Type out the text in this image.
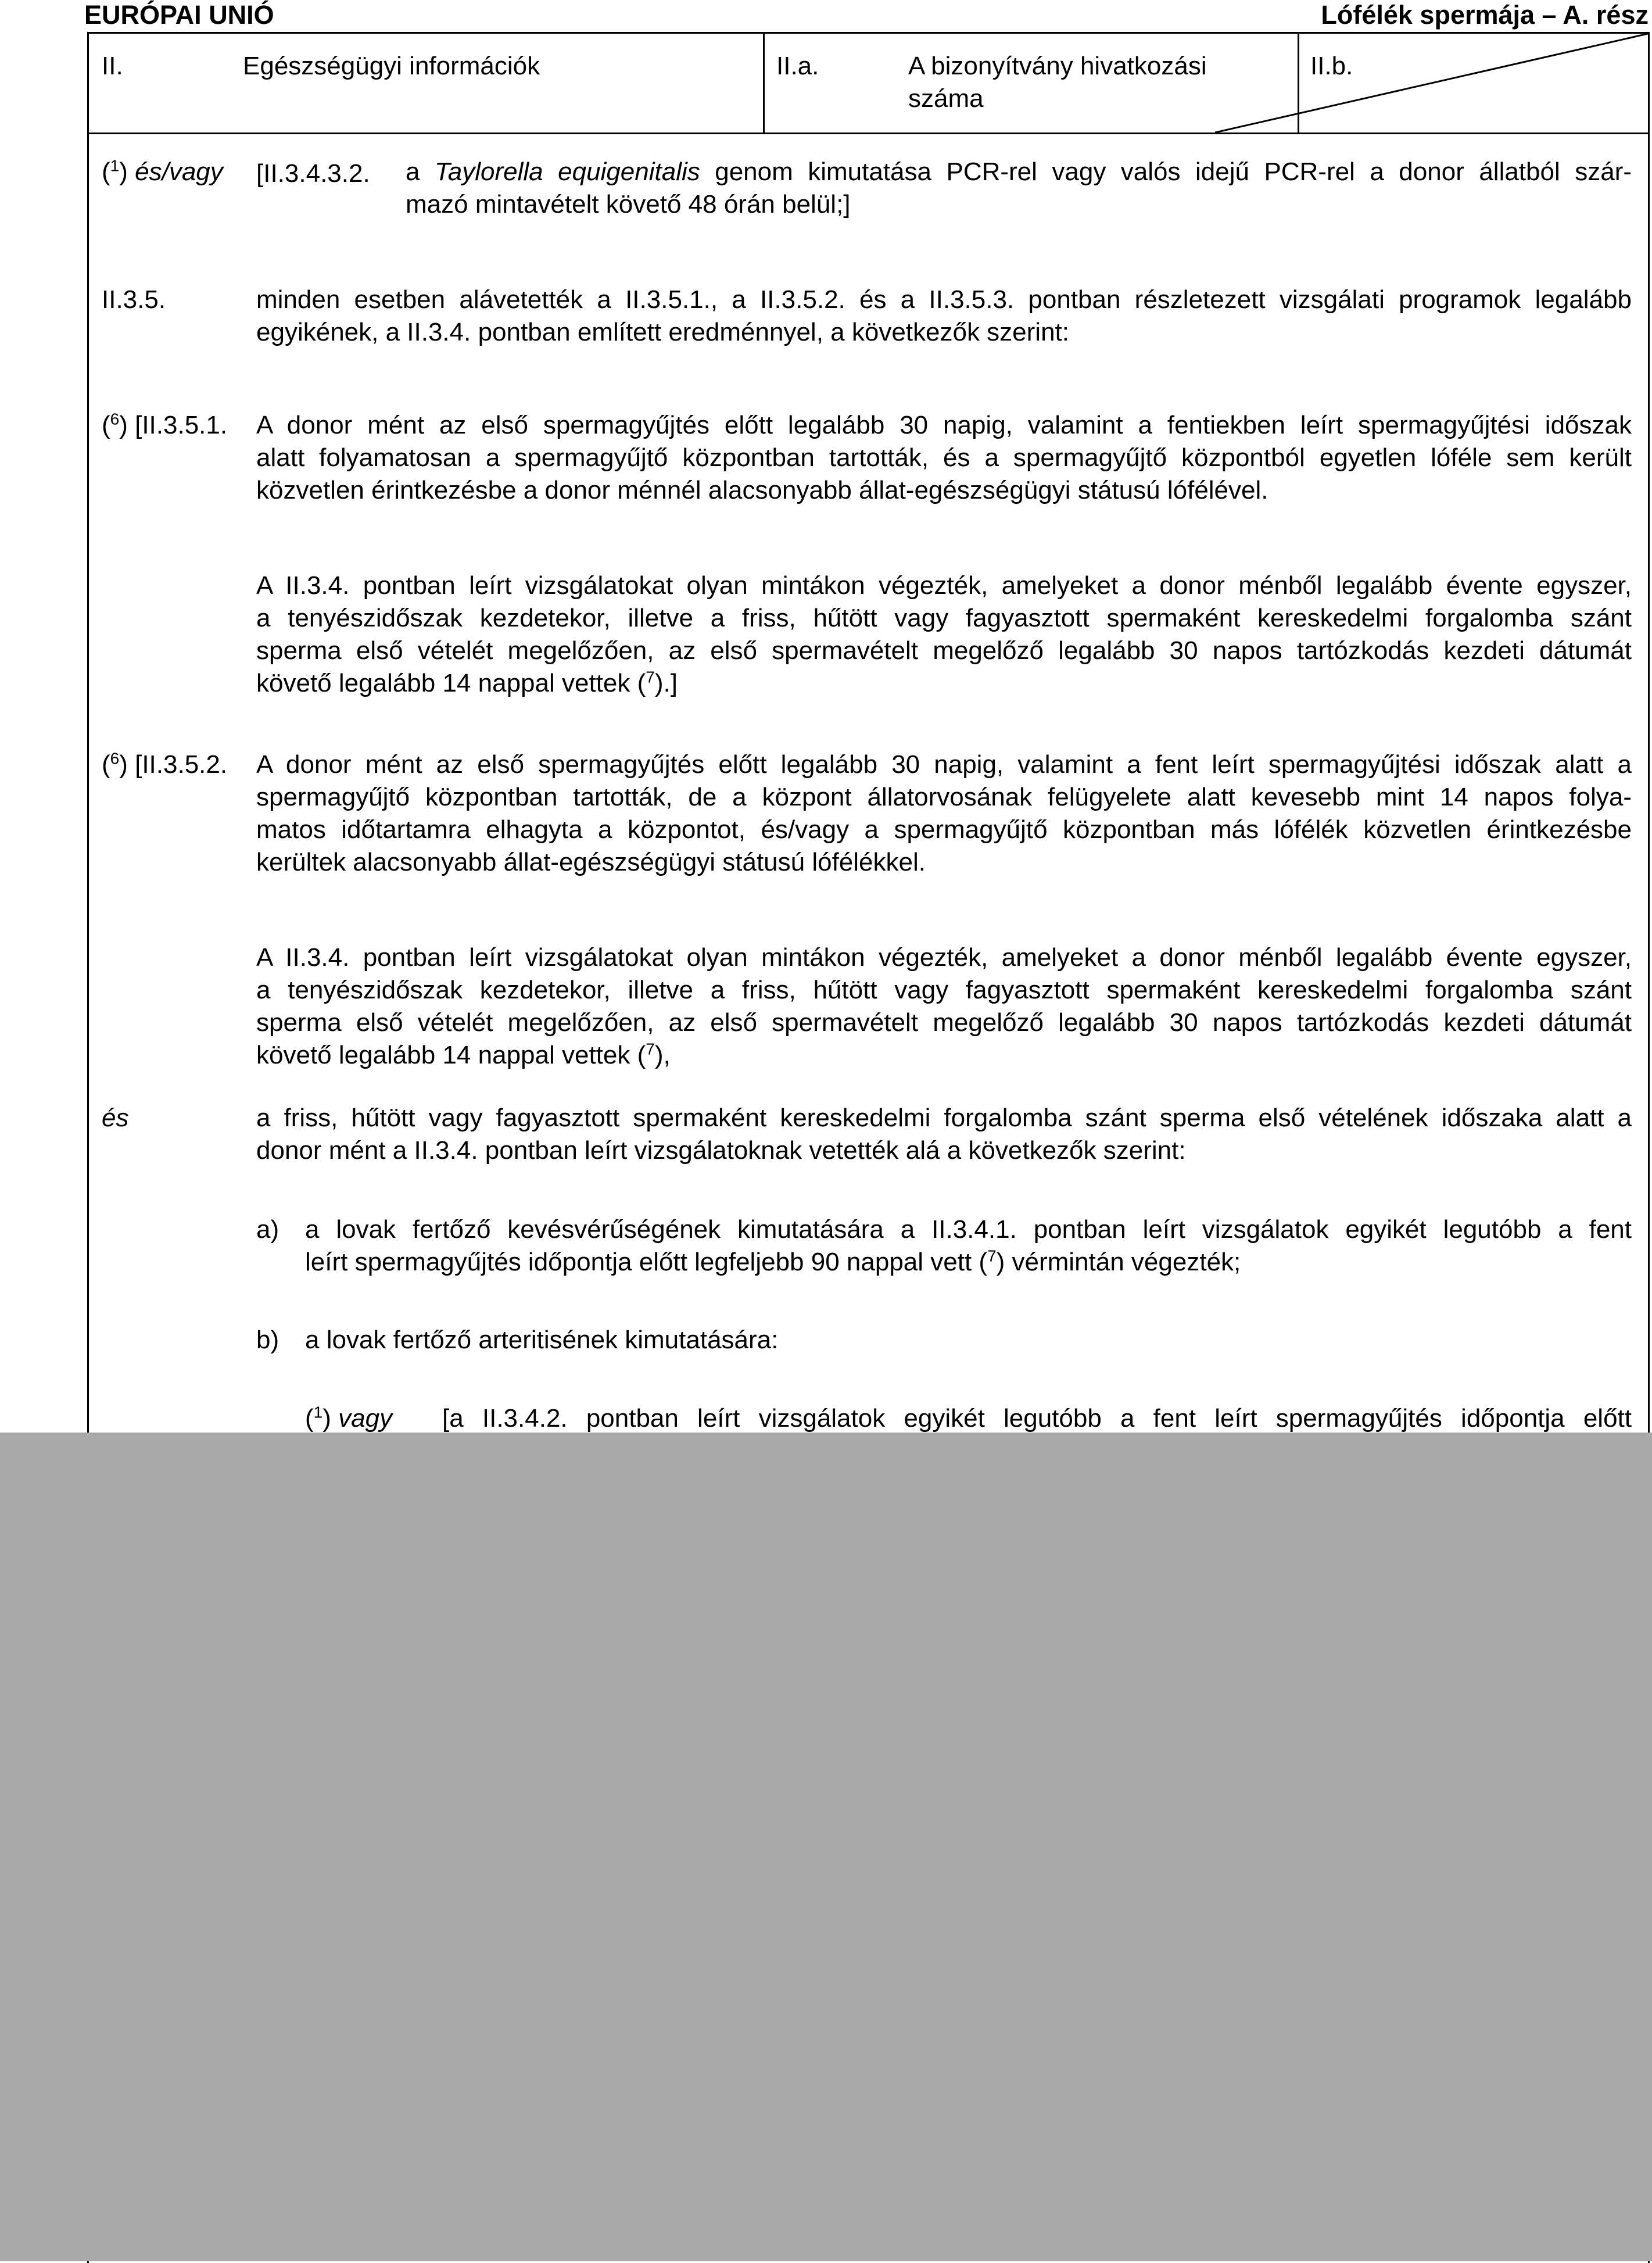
EURÓPAI UNIÓ	Lófélék spermája – A. rész
II.	Egészségügyi információk	II.a.	A bizonyítvány hivatkozási
száma
II.b.
($^1$) és/vagy [II.3.4.3.2. a Taylorella equigenitalis genom kimutatása PCR-rel vagy valós idejű PCR-rel a donor állatból szár-
mazó mintavételt követő 48 órán belül;]
II.3.5.	minden esetben alávetették a II.3.5.1., a II.3.5.2. és a II.3.5.3. pontban részletezett vizsgálati programok legalább
egyikének, a II.3.4. pontban említett eredménnyel, a következők szerint:
($^6$) [II.3.5.1. A donor mént az első spermagyűjtés előtt legalább 30 napig, valamint a fentiekben leírt spermagyűjtési időszak
alatt folyamatosan a spermagyűjtő központban tartották, és a spermagyűjtő központból egyetlen lóféle sem került
közvetlen érintkezésbe a donor ménnél alacsonyabb állat-egészségügyi státusú lófélével.
A II.3.4. pontban leírt vizsgálatokat olyan mintákon végezték, amelyeket a donor ménből legalább évente egyszer,
a tenyészidőszak kezdetekor, illetve a friss, hűtött vagy fagyasztott spermaként kereskedelmi forgalomba szánt
sperma első vételét megelőzően, az első spermavételt megelőző legalább 30 napos tartózkodás kezdeti dátumát
követő legalább 14 nappal vettek ($^7$).]
($^6$) [II.3.5.2. A donor mént az első spermagyűjtés előtt legalább 30 napig, valamint a fent leírt spermagyűjtési időszak alatt a
spermagyűjtő központban tartották, de a központ állatorvosának felügyelete alatt kevesebb mint 14 napos folya-
matos időtartamra elhagyta a központot, és/vagy a spermagyűjtő központban más lófélék közvetlen érintkezésbe
kerültek alacsonyabb állat-egészségügyi státusú lófélékkel.
A II.3.4. pontban leírt vizsgálatokat olyan mintákon végezték, amelyeket a donor ménből legalább évente egyszer,
a tenyészidőszak kezdetekor, illetve a friss, hűtött vagy fagyasztott spermaként kereskedelmi forgalomba szánt
sperma első vételét megelőzően, az első spermavételt megelőző legalább 30 napos tartózkodás kezdeti dátumát
követő legalább 14 nappal vettek ($^7$),
és	a friss, hűtött vagy fagyasztott spermaként kereskedelmi forgalomba szánt sperma első vételének időszaka alatt a
donor mént a II.3.4. pontban leírt vizsgálatoknak vetették alá a következők szerint:
a) a lovak fertőző kevésvérűségének kimutatására a II.3.4.1. pontban leírt vizsgálatok egyikét legutóbb a fent
leírt spermagyűjtés időpontja előtt legfeljebb 90 nappal vett ($^7$) vérmintán végezték;
b) a lovak fertőző arteritisének kimutatására:
($^1$) vagy [a II.3.4.2. pontban leírt vizsgálatok egyikét legutóbb a fent leírt spermagyűjtés időpontja előtt
